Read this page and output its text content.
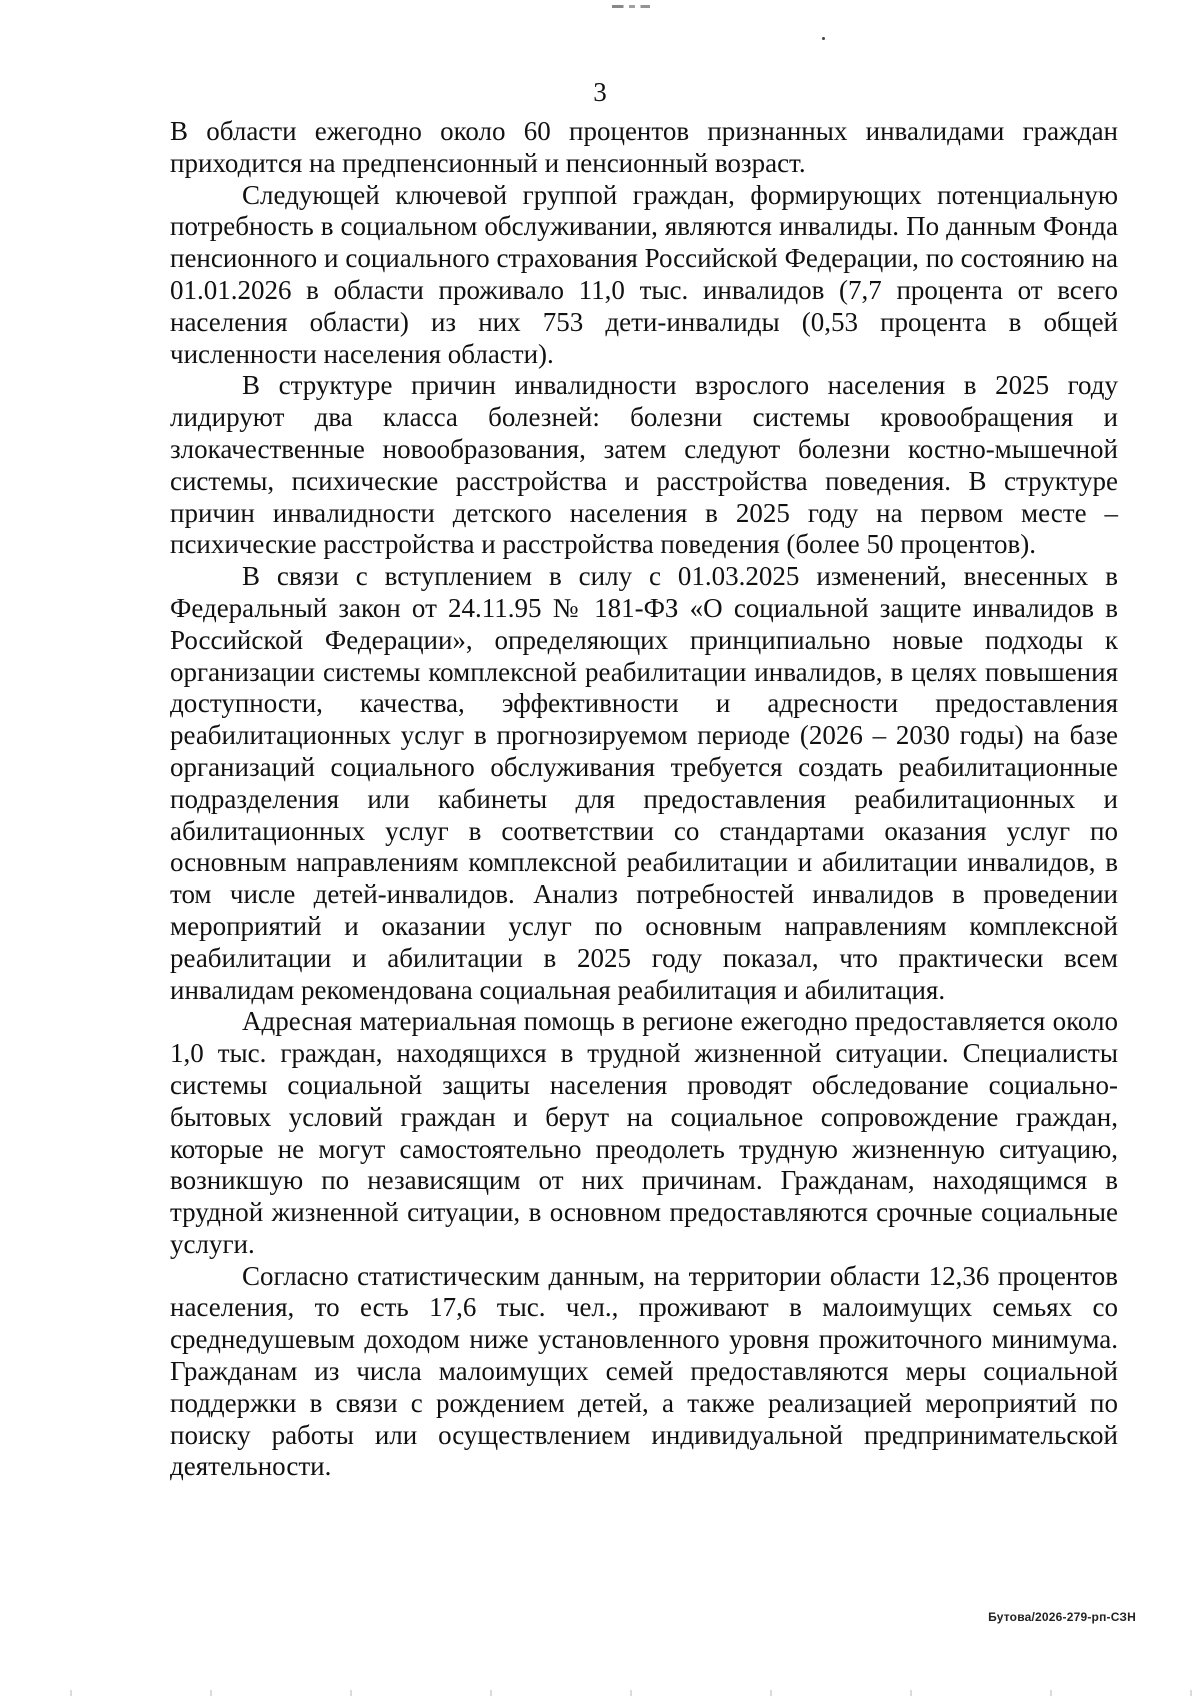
3

В области ежегодно около 60 процентов признанных инвалидами граждан приходится на предпенсионный и пенсионный возраст.

Следующей ключевой группой граждан, формирующих потенциальную потребность в социальном обслуживании, являются инвалиды. По данным Фонда пенсионного и социального страхования Российской Федерации, по состоянию на 01.01.2026 в области проживало 11,0 тыс. инвалидов (7,7 процента от всего населения области) из них 753 дети-инвалиды (0,53 процента в общей численности населения области).

В структуре причин инвалидности взрослого населения в 2025 году лидируют два класса болезней: болезни системы кровообращения и злокачественные новообразования, затем следуют болезни костно-мышечной системы, психические расстройства и расстройства поведения. В структуре причин инвалидности детского населения в 2025 году на первом месте – психические расстройства и расстройства поведения (более 50 процентов).

В связи с вступлением в силу с 01.03.2025 изменений, внесенных в Федеральный закон от 24.11.95 № 181-ФЗ «О социальной защите инвалидов в Российской Федерации», определяющих принципиально новые подходы к организации системы комплексной реабилитации инвалидов, в целях повышения доступности, качества, эффективности и адресности предоставления реабилитационных услуг в прогнозируемом периоде (2026 – 2030 годы) на базе организаций социального обслуживания требуется создать реабилитационные подразделения или кабинеты для предоставления реабилитационных и абилитационных услуг в соответствии со стандартами оказания услуг по основным направлениям комплексной реабилитации и абилитации инвалидов, в том числе детей-инвалидов. Анализ потребностей инвалидов в проведении мероприятий и оказании услуг по основным направлениям комплексной реабилитации и абилитации в 2025 году показал, что практически всем инвалидам рекомендована социальная реабилитация и абилитация.

Адресная материальная помощь в регионе ежегодно предоставляется около 1,0 тыс. граждан, находящихся в трудной жизненной ситуации. Специалисты системы социальной защиты населения проводят обследование социально-бытовых условий граждан и берут на социальное сопровождение граждан, которые не могут самостоятельно преодолеть трудную жизненную ситуацию, возникшую по независящим от них причинам. Гражданам, находящимся в трудной жизненной ситуации, в основном предоставляются срочные социальные услуги.

Согласно статистическим данным, на территории области 12,36 процентов населения, то есть 17,6 тыс. чел., проживают в малоимущих семьях со среднедушевым доходом ниже установленного уровня прожиточного минимума. Гражданам из числа малоимущих семей предоставляются меры социальной поддержки в связи с рождением детей, а также реализацией мероприятий по поиску работы или осуществлением индивидуальной предпринимательской деятельности.

Бутова/2026-279-рп-СЗН
